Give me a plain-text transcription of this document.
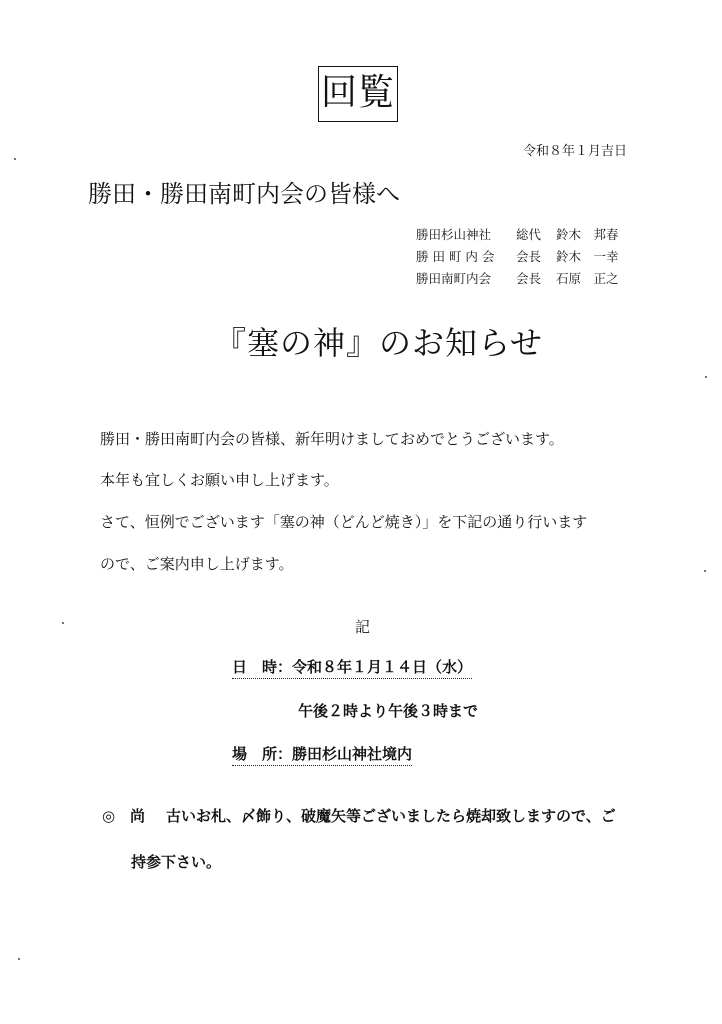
回覧
令和８年１月吉日
勝田・勝田南町内会の皆様へ
勝田杉山神社	総代	鈴木　邦春
勝 田 町 内 会	会長	鈴木　一幸
勝田南町内会	会長	石原　正之
『塞の神』のお知らせ
勝田・勝田南町内会の皆様、新年明けましておめでとうございます。
本年も宜しくお願い申し上げます。
さて、恒例でございます「塞の神（どんど焼き）」を下記の通り行います
ので、ご案内申し上げます。
記
日　時：令和８年１月１４日（水）
午後２時より午後３時まで
場　所：勝田杉山神社境内
◎ 尚 古いお札、〆飾り、破魔矢等ございましたら焼却致しますので、ご
持参下さい。
